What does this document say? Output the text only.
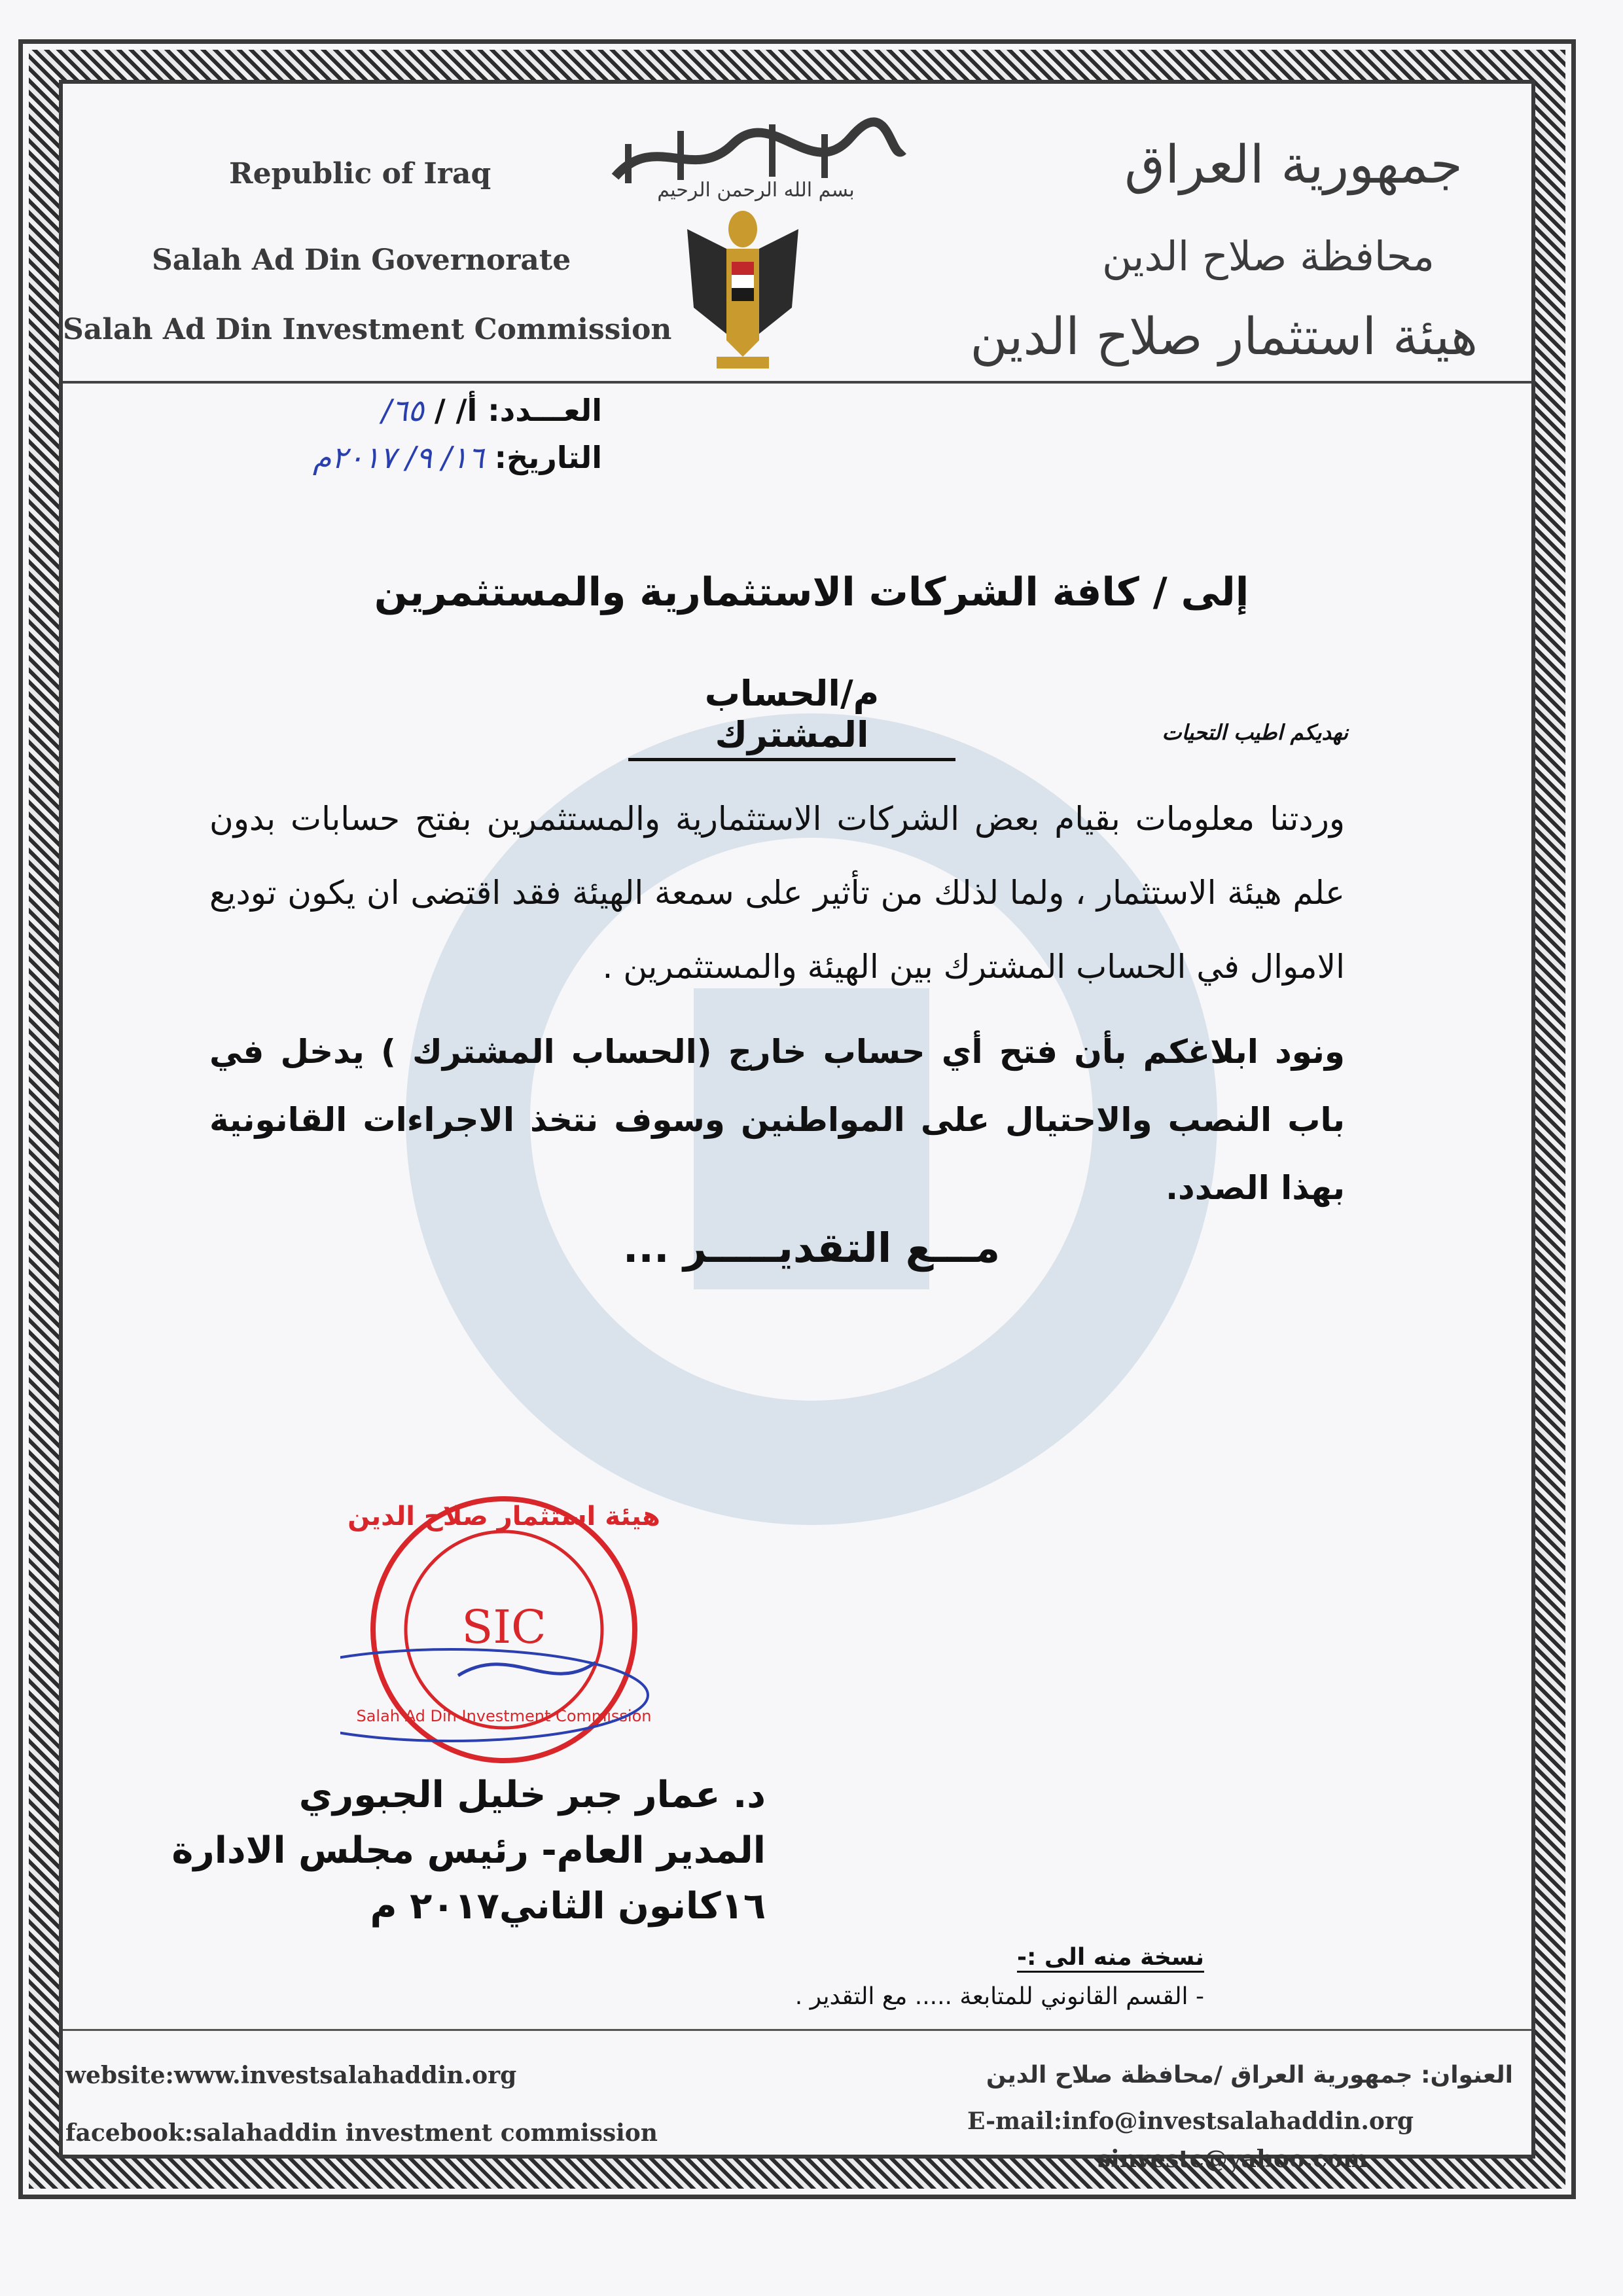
Republic of Iraq
Salah Ad Din Governorate
Salah Ad Din Investment Commission
بسم الله الرحمن الرحيم	جمهورية العراق
محافظة صلاح الدين
هيئة استثمار صلاح الدين
العـــدد: أ/ / ٦٥/
التاريخ: ١٦/ ٩/ ٢٠١٧م
إلى / كافة الشركات الاستثمارية والمستثمرين
م/الحساب المشترك	نهديكم اطيب التحيات
وردتنا معلومات بقيام بعض الشركات الاستثمارية والمستثمرين بفتح حسابات بدون علم هيئة الاستثمار ، ولما لذلك من تأثير على سمعة الهيئة فقد اقتضى ان يكون توديع الاموال في الحساب المشترك بين الهيئة والمستثمرين .
ونود ابلاغكم بأن فتح أي حساب خارج (الحساب المشترك ) يدخل في باب النصب والاحتيال على المواطنين وسوف نتخذ الاجراءات القانونية بهذا الصدد.
مـــع التقديـــــر ...
هيئة استثمار صلاح الدين
SIC
Salah Ad Din Investment Commission
د. عمار جبر خليل الجبوري
المدير العام- رئيس مجلس الادارة
١٦كانون الثاني٢٠١٧ م
نسخة منه الى :-
- القسم القانوني للمتابعة ..... مع التقدير .
website:www.investsalahaddin.org
facebook:salahaddin investment commission
العنوان: جمهورية العراق /محافظة صلاح الدين
E-mail:info@investsalahaddin.org
sinvestc@yahoo.com
